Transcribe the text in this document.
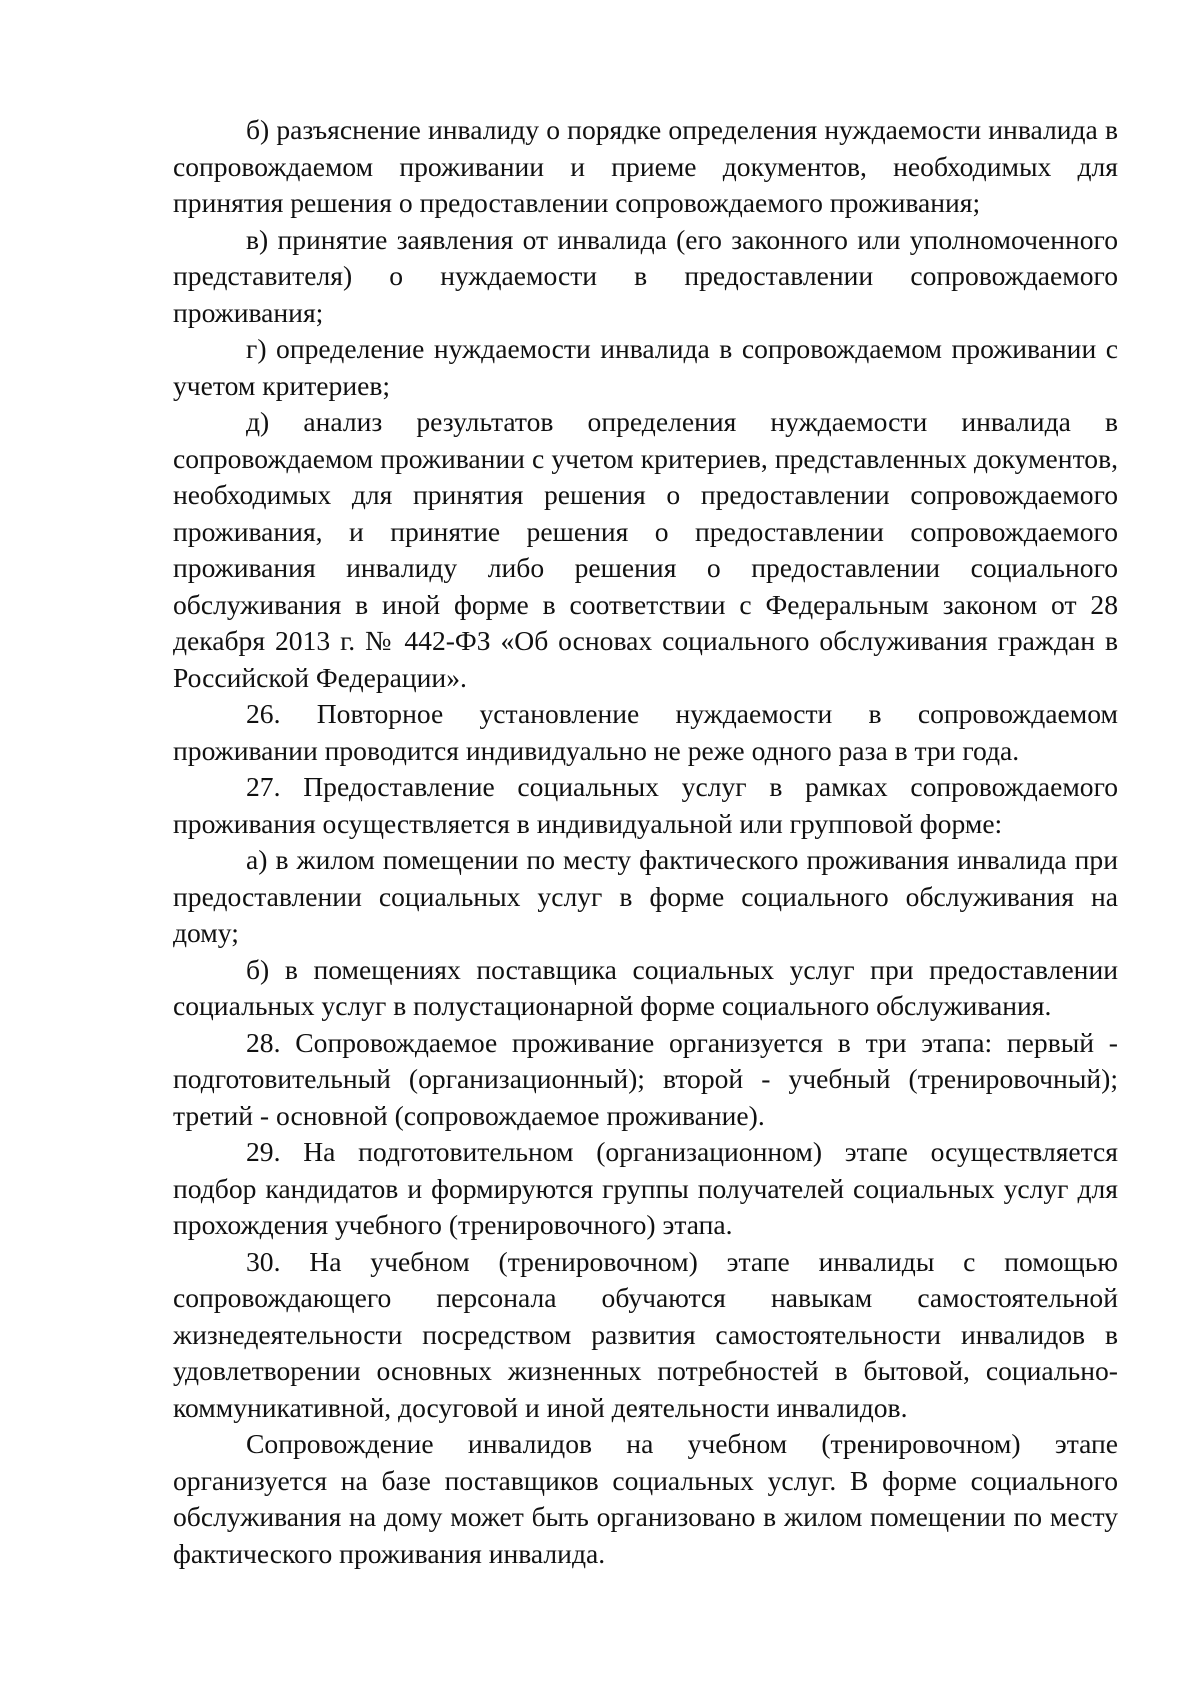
б) разъяснение инвалиду о порядке определения нуждаемости инвалида в сопровождаемом проживании и приеме документов, необходимых для принятия решения о предоставлении сопровождаемого проживания;

в) принятие заявления от инвалида (его законного или уполномоченного представителя) о нуждаемости в предоставлении сопровождаемого проживания;

г) определение нуждаемости инвалида в сопровождаемом проживании с учетом критериев;

д) анализ результатов определения нуждаемости инвалида в сопровождаемом проживании с учетом критериев, представленных документов, необходимых для принятия решения о предоставлении сопровождаемого проживания, и принятие решения о предоставлении сопровождаемого проживания инвалиду либо решения о предоставлении социального обслуживания в иной форме в соответствии с Федеральным законом от 28 декабря 2013 г. № 442-ФЗ «Об основах социального обслуживания граждан в Российской Федерации».

26. Повторное установление нуждаемости в сопровождаемом проживании проводится индивидуально не реже одного раза в три года.

27. Предоставление социальных услуг в рамках сопровождаемого проживания осуществляется в индивидуальной или групповой форме:

а) в жилом помещении по месту фактического проживания инвалида при предоставлении социальных услуг в форме социального обслуживания на дому;

б) в помещениях поставщика социальных услуг при предоставлении социальных услуг в полустационарной форме социального обслуживания.

28. Сопровождаемое проживание организуется в три этапа: первый - подготовительный (организационный); второй - учебный (тренировочный); третий - основной (сопровождаемое проживание).

29. На подготовительном (организационном) этапе осуществляется подбор кандидатов и формируются группы получателей социальных услуг для прохождения учебного (тренировочного) этапа.

30. На учебном (тренировочном) этапе инвалиды с помощью сопровождающего персонала обучаются навыкам самостоятельной жизнедеятельности посредством развития самостоятельности инвалидов в удовлетворении основных жизненных потребностей в бытовой, социально-коммуникативной, досуговой и иной деятельности инвалидов.

Сопровождение инвалидов на учебном (тренировочном) этапе организуется на базе поставщиков социальных услуг. В форме социального обслуживания на дому может быть организовано в жилом помещении по месту фактического проживания инвалида.
